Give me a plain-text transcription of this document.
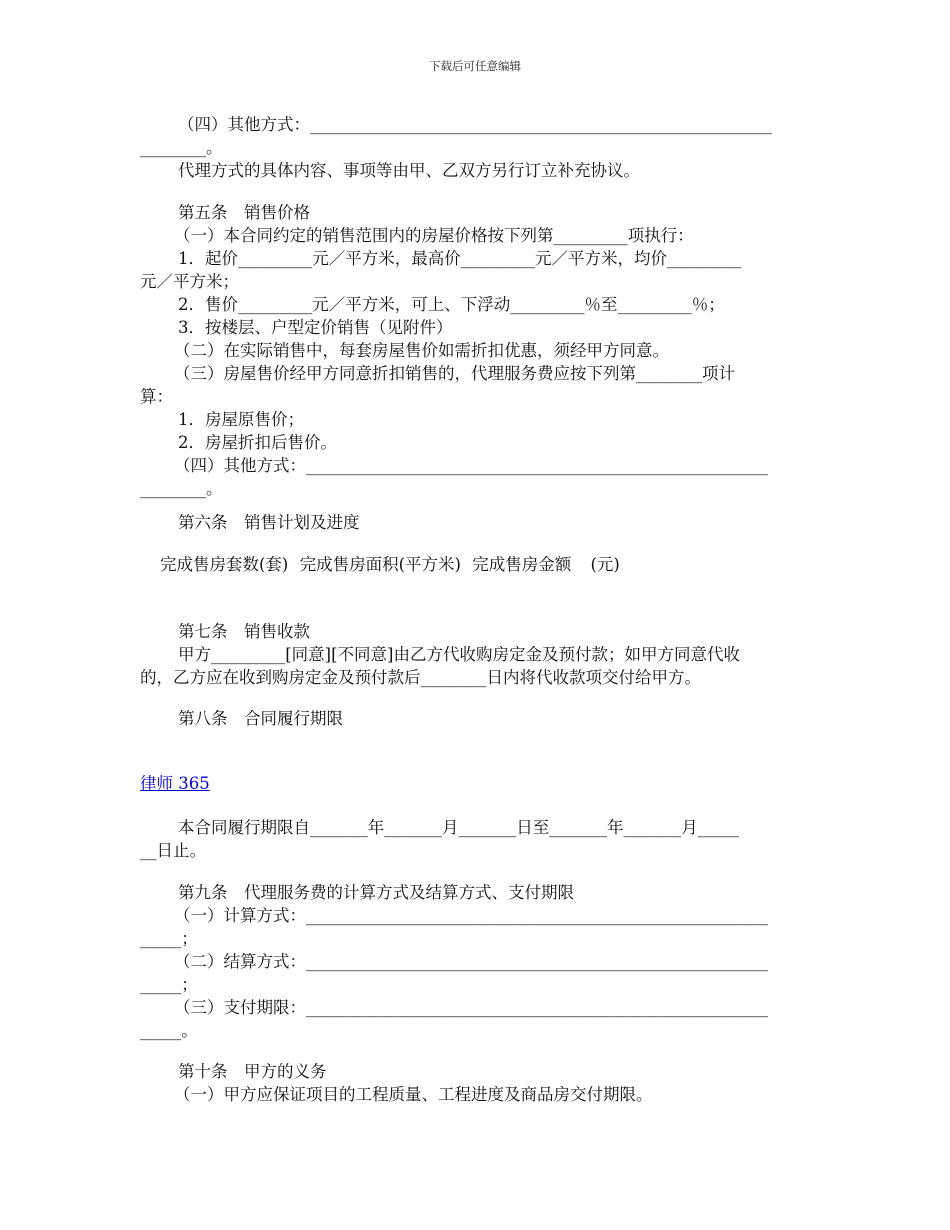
下载后可任意编辑
（四）其他方式：________________________________________________________
________。
代理方式的具体内容、事项等由甲、乙双方另行订立补充协议。
第五条　销售价格
（一）本合同约定的销售范围内的房屋价格按下列第_________项执行：
1．起价_________元／平方米，最高价_________元／平方米，均价_________
元／平方米；
2．售价_________元／平方米，可上、下浮动_________％至_________％；
3．按楼层、户型定价销售（见附件）
（二）在实际销售中，每套房屋售价如需折扣优惠，须经甲方同意。
（三）房屋售价经甲方同意折扣销售的，代理服务费应按下列第________项计
算：
1．房屋原售价；
2．房屋折扣后售价。
（四）其他方式：________________________________________________________
________。
第六条　销售计划及进度
完成售房套数(套) 完成售房面积(平方米) 完成售房金额 (元)
第七条　销售收款
甲方_________[同意][不同意]由乙方代收购房定金及预付款；如甲方同意代收
的，乙方应在收到购房定金及预付款后________日内将代收款项交付给甲方。
第八条　合同履行期限
律师 365
本合同履行期限自_______年_______月_______日至_______年_______月_____
__日止。
第九条　代理服务费的计算方式及结算方式、支付期限
（一）计算方式：________________________________________________________
_____；
（二）结算方式：________________________________________________________
_____；
（三）支付期限：________________________________________________________
_____。
第十条　甲方的义务
（一）甲方应保证项目的工程质量、工程进度及商品房交付期限。
